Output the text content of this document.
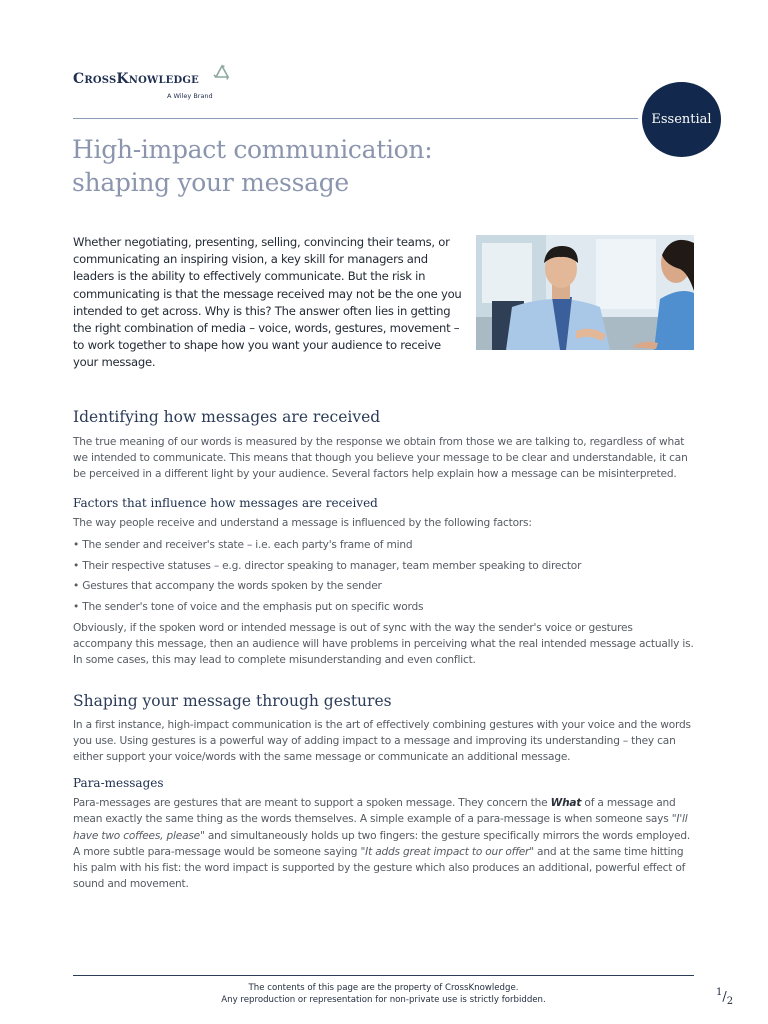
CrossKnowledge
A Wiley Brand
Essential
High-impact communication:
shaping your message

Whether negotiating, presenting, selling, convincing their teams, or communicating an inspiring vision, a key skill for managers and leaders is the ability to effectively communicate. But the risk in communicating is that the message received may not be the one you intended to get across. Why is this? The answer often lies in getting the right combination of media – voice, words, gestures, movement – to work together to shape how you want your audience to receive your message.

Identifying how messages are received

The true meaning of our words is measured by the response we obtain from those we are talking to, regardless of what we intended to communicate. This means that though you believe your message to be clear and understandable, it can be perceived in a different light by your audience. Several factors help explain how a message can be misinterpreted.

Factors that influence how messages are received

The way people receive and understand a message is influenced by the following factors:

• The sender and receiver's state – i.e. each party's frame of mind
• Their respective statuses – e.g. director speaking to manager, team member speaking to director
• Gestures that accompany the words spoken by the sender
• The sender's tone of voice and the emphasis put on specific words

Obviously, if the spoken word or intended message is out of sync with the way the sender's voice or gestures accompany this message, then an audience will have problems in perceiving what the real intended message actually is. In some cases, this may lead to complete misunderstanding and even conflict.

Shaping your message through gestures

In a first instance, high-impact communication is the art of effectively combining gestures with your voice and the words you use. Using gestures is a powerful way of adding impact to a message and improving its understanding – they can either support your voice/words with the same message or communicate an additional message.

Para-messages

Para-messages are gestures that are meant to support a spoken message. They concern the What of a message and mean exactly the same thing as the words themselves. A simple example of a para-message is when someone says "I'll have two coffees, please" and simultaneously holds up two fingers: the gesture specifically mirrors the words employed. A more subtle para-message would be someone saying "It adds great impact to our offer" and at the same time hitting his palm with his fist: the word impact is supported by the gesture which also produces an additional, powerful effect of sound and movement.

The contents of this page are the property of CrossKnowledge.
Any reproduction or representation for non-private use is strictly forbidden.
$^1/_2$
